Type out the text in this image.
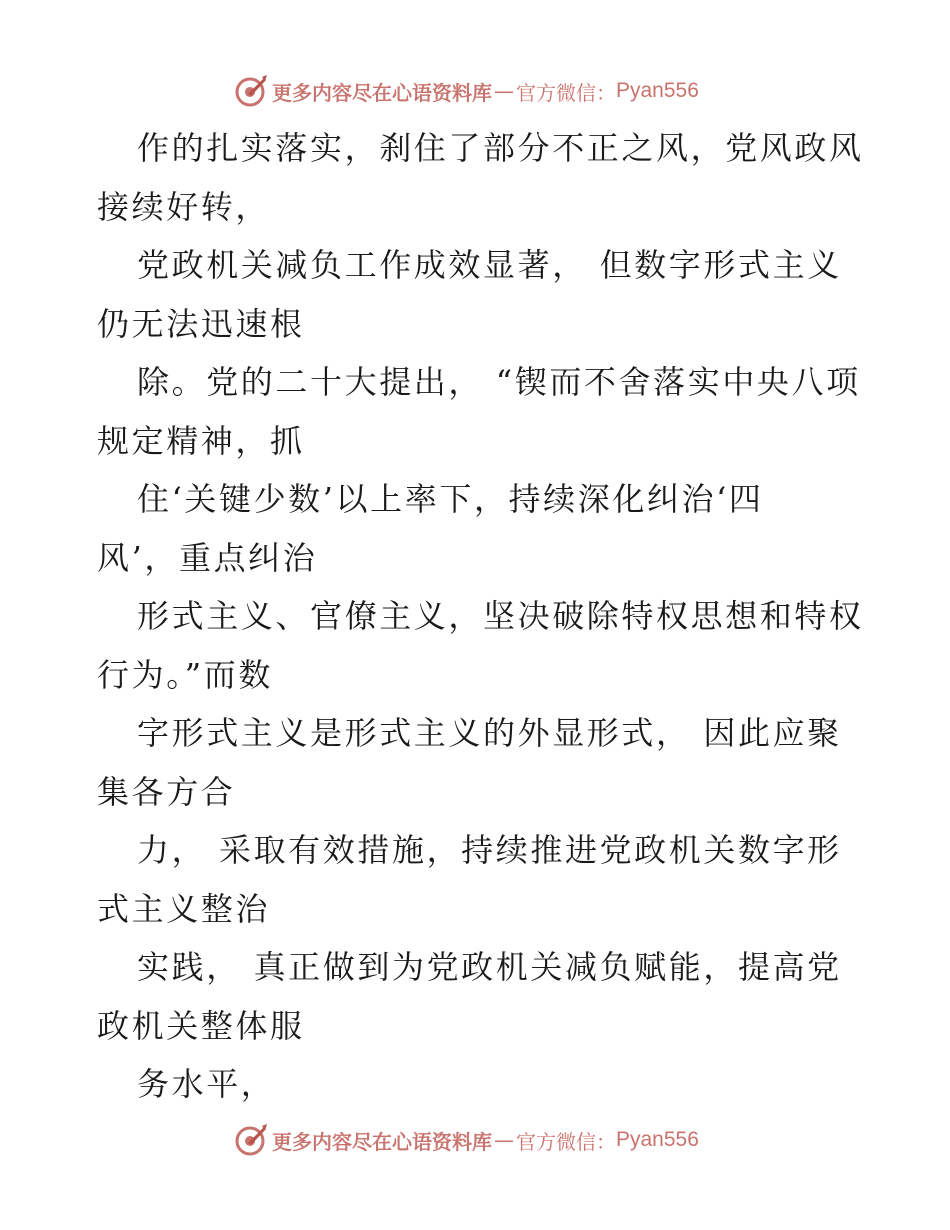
更多内容尽在心语资料库 — 官方微信： Pyan556
作的扎实落实，刹住了部分不正之风，党风政风
接续好转，
党政机关减负工作成效显著， 但数字形式主义
仍无法迅速根
除。党的二十大提出， “锲而不舍落实中央八项
规定精神，抓
住‘关键少数’以上率下，持续深化纠治‘四
风’，重点纠治
形式主义、官僚主义，坚决破除特权思想和特权
行为。”而数
字形式主义是形式主义的外显形式， 因此应聚
集各方合
力， 采取有效措施，持续推进党政机关数字形
式主义整治
实践， 真正做到为党政机关减负赋能，提高党
政机关整体服
务水平，
更多内容尽在心语资料库 — 官方微信： Pyan556
